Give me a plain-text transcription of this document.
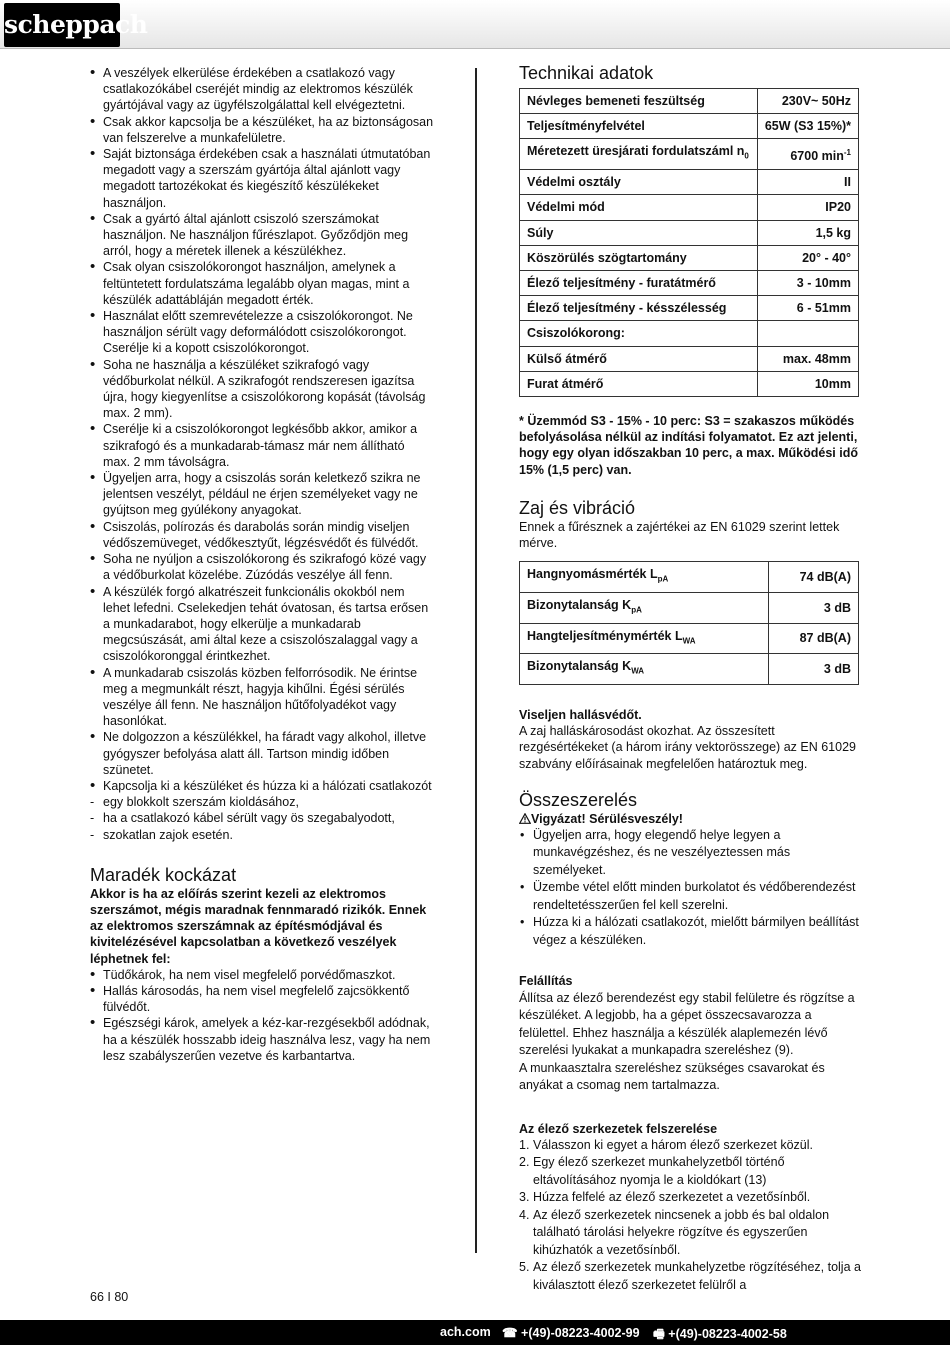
scheppach
• A veszélyek elkerülése érdekében a csatlakozó vagy csatlakozókábel cseréjét mindig az elektromos készülék gyártójával vagy az ügyfélszolgálattal kell elvégeztetni.
• Csak akkor kapcsolja be a készüléket, ha az biztonságosan van felszerelve a munkafelületre.
• Saját biztonsága érdekében csak a használati útmutatóban megadott vagy a szerszám gyártója által ajánlott vagy megadott tartozékokat és kiegészítő készülékeket használjon.
• Csak a gyártó által ajánlott csiszoló szerszámokat használjon. Ne használjon fűrészlapot. Győződjön meg arról, hogy a méretek illenek a készülékhez.
• Csak olyan csiszolókorongot használjon, amelynek a feltüntetett fordulatszáma legalább olyan magas, mint a készülék adattábláján megadott érték.
• Használat előtt szemrevételezze a csiszolókorongot. Ne használjon sérült vagy deformálódott csiszolókorongot. Cserélje ki a kopott csiszolókorongot.
• Soha ne használja a készüléket szikrafogó vagy védőburkolat nélkül. A szikrafogót rendszeresen igazítsa újra, hogy kiegyenlítse a csiszolókorong kopását (távolság max. 2 mm).
• Cserélje ki a csiszolókorongot legkésőbb akkor, amikor a szikrafogó és a munkadarab-támasz már nem állítható max. 2 mm távolságra.
• Ügyeljen arra, hogy a csiszolás során keletkező szikra ne jelentsen veszélyt, például ne érjen személyeket vagy ne gyújtson meg gyúlékony anyagokat.
• Csiszolás, polírozás és darabolás során mindig viseljen védőszemüveget, védőkesztyűt, légzésvédőt és fülvédőt.
• Soha ne nyúljon a csiszolókorong és szikrafogó közé vagy a védőburkolat közelébe. Zúzódás veszélye áll fenn.
• A készülék forgó alkatrészeit funkcionális okokból nem lehet lefedni. Cselekedjen tehát óvatosan, és tartsa erősen a munkadarabot, hogy elkerülje a munkadarab megcsúszását, ami által keze a csiszolószalaggal vagy a csiszolókoronggal érintkezhet.
• A munkadarab csiszolás közben felforrósodik. Ne érintse meg a megmunkált részt, hagyja kihűlni. Égési sérülés veszélye áll fenn. Ne használjon hűtőfolyadékot vagy hasonlókat.
• Ne dolgozzon a készülékkel, ha fáradt vagy alkohol, illetve gyógyszer befolyása alatt áll. Tartson mindig időben szünetet.
• Kapcsolja ki a készüléket és húzza ki a hálózati csatlakozót
- egy blokkolt szerszám kioldásához,
- ha a csatlakozó kábel sérült vagy ös szegabalyodott,
- szokatlan zajok esetén.
Maradék kockázat

Akkor is ha az előírás szerint kezeli az elektromos szerszámot, mégis maradnak fennmaradó rizikók. Ennek az elektromos szerszámnak az építésmódjával és kivitelézésével kapcsolatban a következő veszélyek léphetnek fel:

• Tüdőkárok, ha nem visel megfelelő porvédőmaszkot.
• Hallás károsodás, ha nem visel megfelelő zajcsökkentő fülvédőt.
• Egészségi károk, amelyek a kéz-kar-rezgésekből adódnak, ha a készülék hosszabb ideig használva lesz, vagy ha nem lesz szabályszerűen vezetve és karbantartva.
Technikai adatok
Névleges bemeneti feszültség	230V~ 50Hz
Teljesítményfelvétel	65W (S3 15%)*
Méretezett üresjárati fordulatszáml $n_0$	6700 $\min^{-1}$
Védelmi osztály	II
Védelmi mód	IP20
Súly	1,5 kg
Köszörülés szögtartomány	20° - 40°
Élező teljesítmény - furatátmérő	3 - 10mm
Élező teljesítmény - késszélesség	6 - 51mm
Csiszolókorong:	
Külső átmérő	max. 48mm
Furat átmérő	10mm

* Üzemmód S3 - 15% - 10 perc: S3 = szakaszos működés befolyásolása nélkül az indítási folyamatot. Ez azt jelenti, hogy egy olyan időszakban 10 perc, a max. Működési idő 15% (1,5 perc) van.

Zaj és vibráció

Ennek a fűrésznek a zajértékei az EN 61029 szerint lettek mérve.

Hangnyomásmérték $L_{pA}$	74 dB(A)
Bizonytalanság $K_{pA}$	3 dB
Hangteljesítménymérték $L_{WA}$	87 dB(A)
Bizonytalanság $K_{WA}$	3 dB

Viseljen hallásvédőt.

A zaj halláskárosodást okozhat. Az összesített rezgésértékeket (a három irány vektorösszege) az EN 61029 szabvány előírásainak megfelelően határoztuk meg.

Összeszerelés

Vigyázat! Sérülésveszély!

• Ügyeljen arra, hogy elegendő helye legyen a munkavégzéshez, és ne veszélyeztessen más személyeket.
• Üzembe vétel előtt minden burkolatot és védőberendezést rendeltetésszerűen fel kell szerelni.
• Húzza ki a hálózati csatlakozót, mielőtt bármilyen beállítást végez a készüléken.

Felállítás

Állítsa az élező berendezést egy stabil felületre és rögzítse a készüléket. A legjobb, ha a gépet összecsavarozza a felülettel. Ehhez használja a készülék alaplemezén lévő szerelési lyukakat a munkapadra szereléshez (9).

A munkaasztalra szereléshez szükséges csavarokat és anyákat a csomag nem tartalmazza.

Az élező szerkezetek felszerelése

1. Válasszon ki egyet a három élező szerkezet közül.
2. Egy élező szerkezet munkahelyzetből történő eltávolításához nyomja le a kioldókart (13)
3. Húzza felfelé az élező szerkezetet a vezetősínből.
4. Az élező szerkezetek nincsenek a jobb és bal oldalon található tárolási helyekre rögzítve és egyszerűen kihúzhatók a vezetősínből.
5. Az élező szerkezetek munkahelyzetbe rögzítéséhez, tolja a kiválasztott élező szerkezetet felülről a
66 I 80
ach.com ☎ +(49)-08223-4002-99 🖷 +(49)-08223-4002-58
